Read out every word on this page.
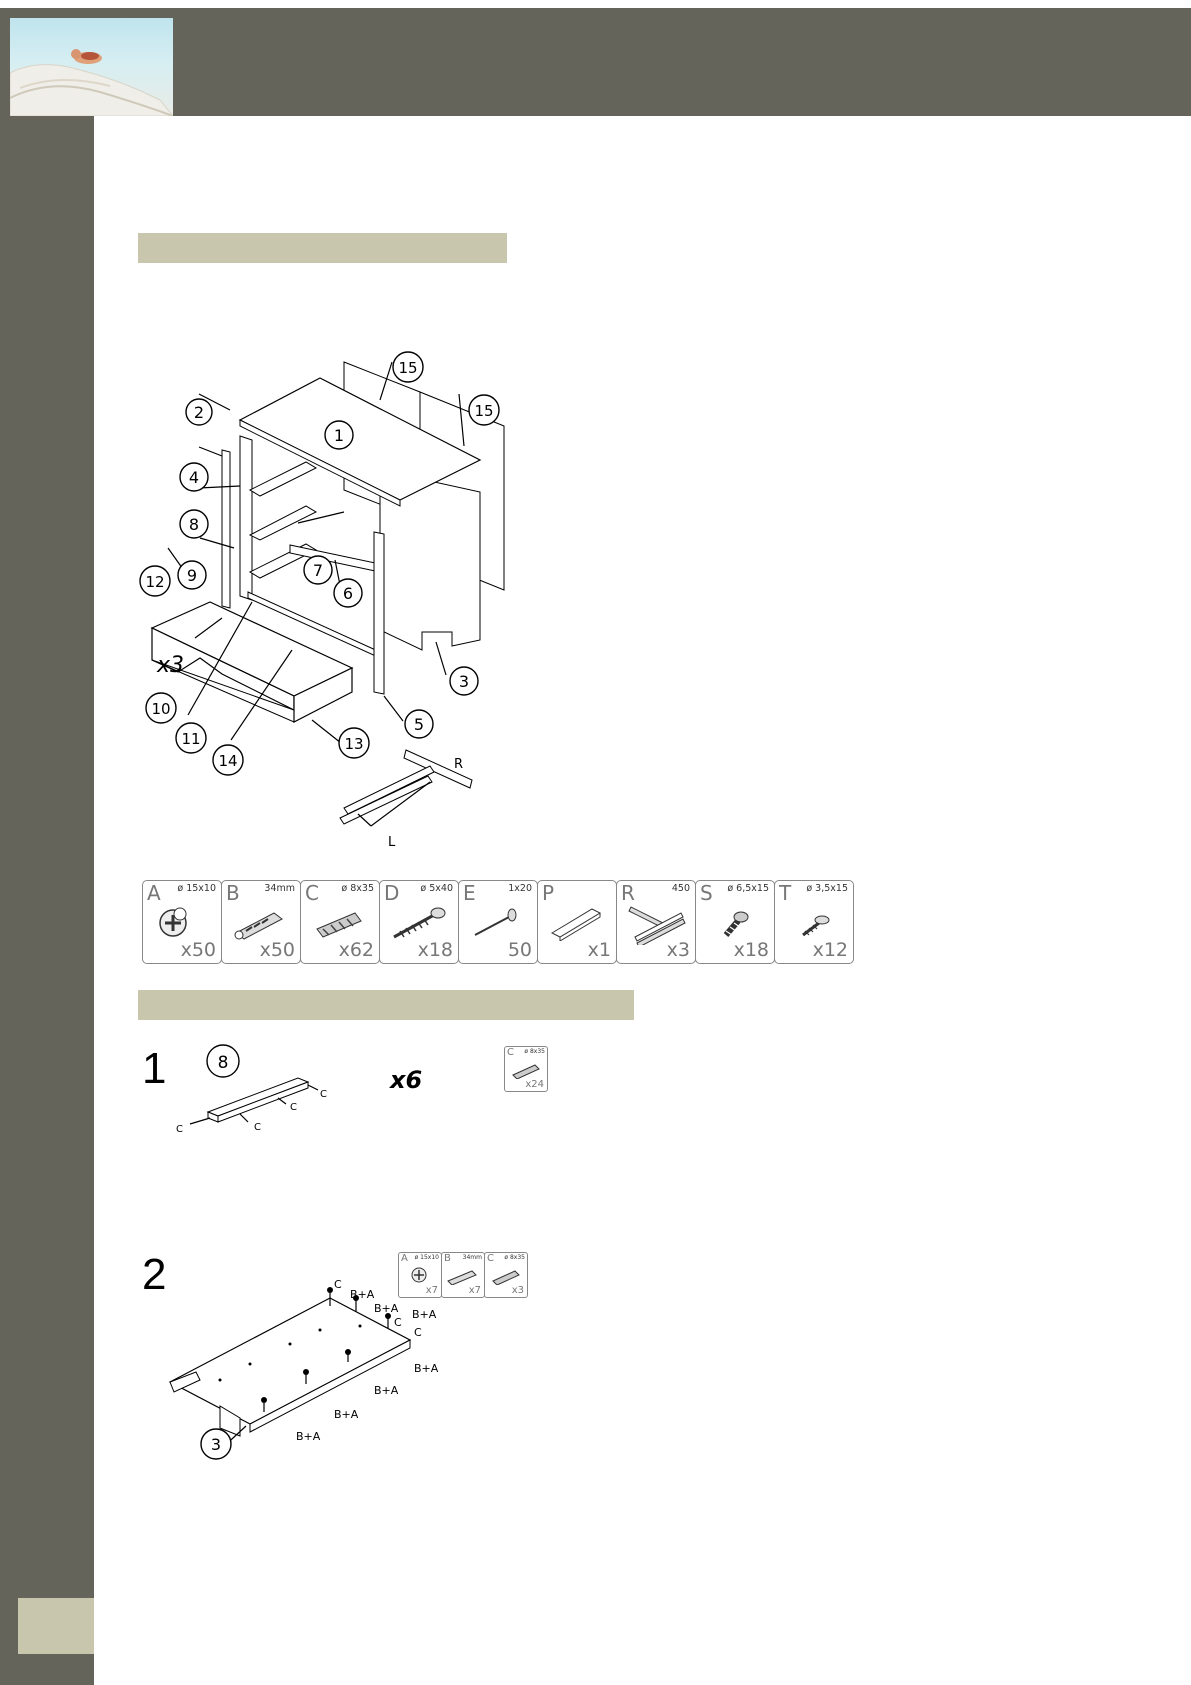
1
2
3
4
5
6
7
8
9
10
11
12
13
14
15
15
x3
R
L
A ø 15x10
x50
B	34mm
x50
C ø 8x35
x62
D ø 5x40
x18
E	1x20
50
P
x1
R	450
x3
S ø 6,5x15
x18
T ø 3,5x15
x12
1	8
C
C
C
C
x6
C ø 8x35
x24
2	C
B+A
B+A
C
B+A
C
B+A
B+A
B+A
B+A
3
A ø 15x10
x7
B 34mm
x7
C ø 8x35
x3
